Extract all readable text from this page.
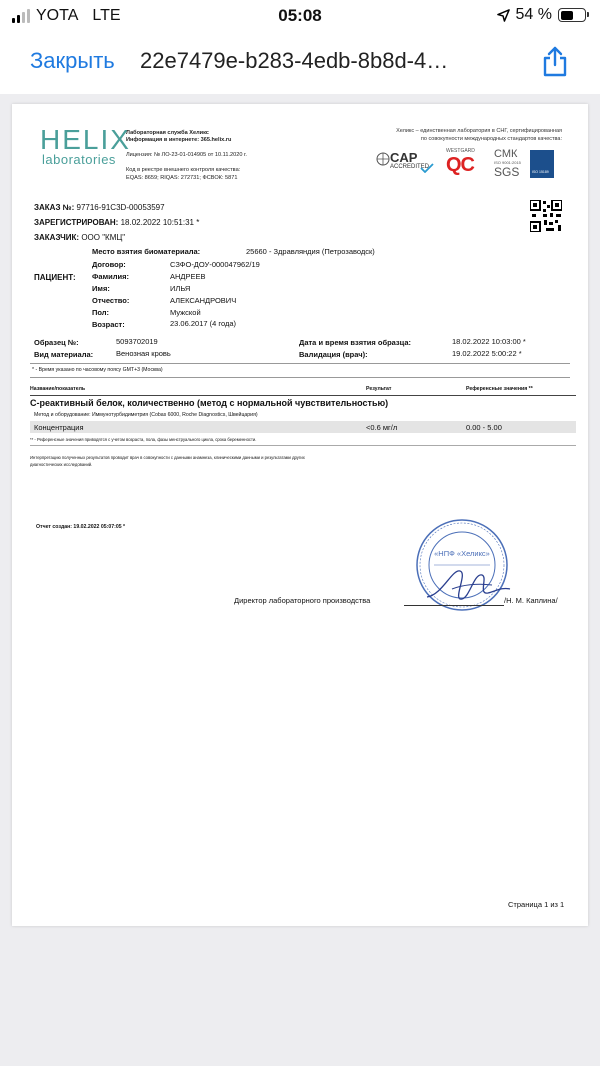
YOTA LTE	05:08	54 %
Закрыть 22e7479e-b283-4edb-8b8d-4…
HELIX
laboratories
Лабораторная служба Хеликс
Информация в интернете: 365.helix.ru
Лицензия: № ЛО-23-01-014905 от 10.11.2020 г.
Код в реестре внешнего контроля качества:
EQAS: 8659; RIQAS: 272731; ФСВОК: 5871
Хеликс – единственная лаборатория в СНГ, сертифицированная
по совокупности международных стандартов качества:
CAP
ACCREDITED
WESTGARD
QC СМК
ISO 9001:2015
SGS	ISO 15189
ЗАКАЗ №: 97716-91C3D-00053597
ЗАРЕГИСТРИРОВАН: 18.02.2022 10:51:31 *
ЗАКАЗЧИК: ООО "КМЦ"
ПАЦИЕНТ:
Место взятия биоматериала:	25660 - Здравляндия (Петрозаводск)
Договор:	СЗФО-ДОУ-000047962/19
Фамилия:	АНДРЕЕВ
Имя:	ИЛЬЯ
Отчество:	АЛЕКСАНДРОВИЧ
Пол:	Мужской
Возраст:	23.06.2017 (4 года)
Образец №:	5093702019
Вид материала:	Венозная кровь
Дата и время взятия образца:	18.02.2022 10:03:00 *
Валидация (врач):	19.02.2022 5:00:22 *
* - Время указано по часовому поясу GMT+3 (Москва)
Название/показатель	Результат	Референсные значения **
С-реактивный белок, количественно (метод с нормальной чувствительностью)
Метод и оборудование: Иммунотурбидиметрия (Cobas 6000, Roche Diagnostics, Швейцария)
Концентрация	<0.6 мг/л	0.00 - 5.00
** - Референсные значения приводятся с учетом возраста, пола, фазы менструального цикла, срока беременности.
Интерпретацию полученных результатов проводит врач в совокупности с данными анамнеза, клиническими данными и результатами других
диагностических исследований.
Отчет создан: 19.02.2022 05:07:05 *
«НПФ «Хеликс»
Директор лабораторного производства	/Н. М. Каплина/
Страница 1 из 1
